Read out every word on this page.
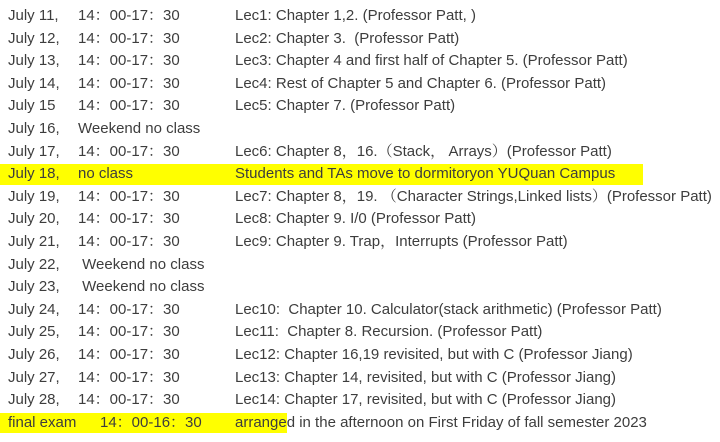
July 11, 14：00-17：30	Lec1: Chapter 1,2. (Professor Patt, )
July 12, 14：00-17：30	Lec2: Chapter 3.  (Professor Patt)
July 13, 14：00-17：30	Lec3: Chapter 4 and first half of Chapter 5. (Professor Patt)
July 14, 14：00-17：30	Lec4: Rest of Chapter 5 and Chapter 6. (Professor Patt)
July 15 14：00-17：30	Lec5: Chapter 7. (Professor Patt)
July 16, Weekend no class
July 17, 14：00-17：30	Lec6: Chapter 8，16.（Stack， Arrays）(Professor Patt)
July 18, no class	Students and TAs move to dormitoryon YUQuan Campus
July 19, 14：00-17：30	Lec7: Chapter 8，19. （Character Strings,Linked lists）(Professor Patt)
July 20, 14：00-17：30	Lec8: Chapter 9. I/0 (Professor Patt)
July 21, 14：00-17：30	Lec9: Chapter 9. Trap，Interrupts (Professor Patt)
July 22, Weekend no class
July 23, Weekend no class
July 24, 14：00-17：30	Lec10:  Chapter 10. Calculator(stack arithmetic) (Professor Patt)
July 25, 14：00-17：30	Lec11:  Chapter 8. Recursion. (Professor Patt)
July 26, 14：00-17：30	Lec12: Chapter 16,19 revisited, but with C (Professor Jiang)
July 27, 14：00-17：30	Lec13: Chapter 14, revisited, but with C (Professor Jiang)
July 28, 14：00-17：30	Lec14: Chapter 17, revisited, but with C (Professor Jiang)
final exam 14：00-16：30 arranged in the afternoon on First Friday of fall semester 2023
